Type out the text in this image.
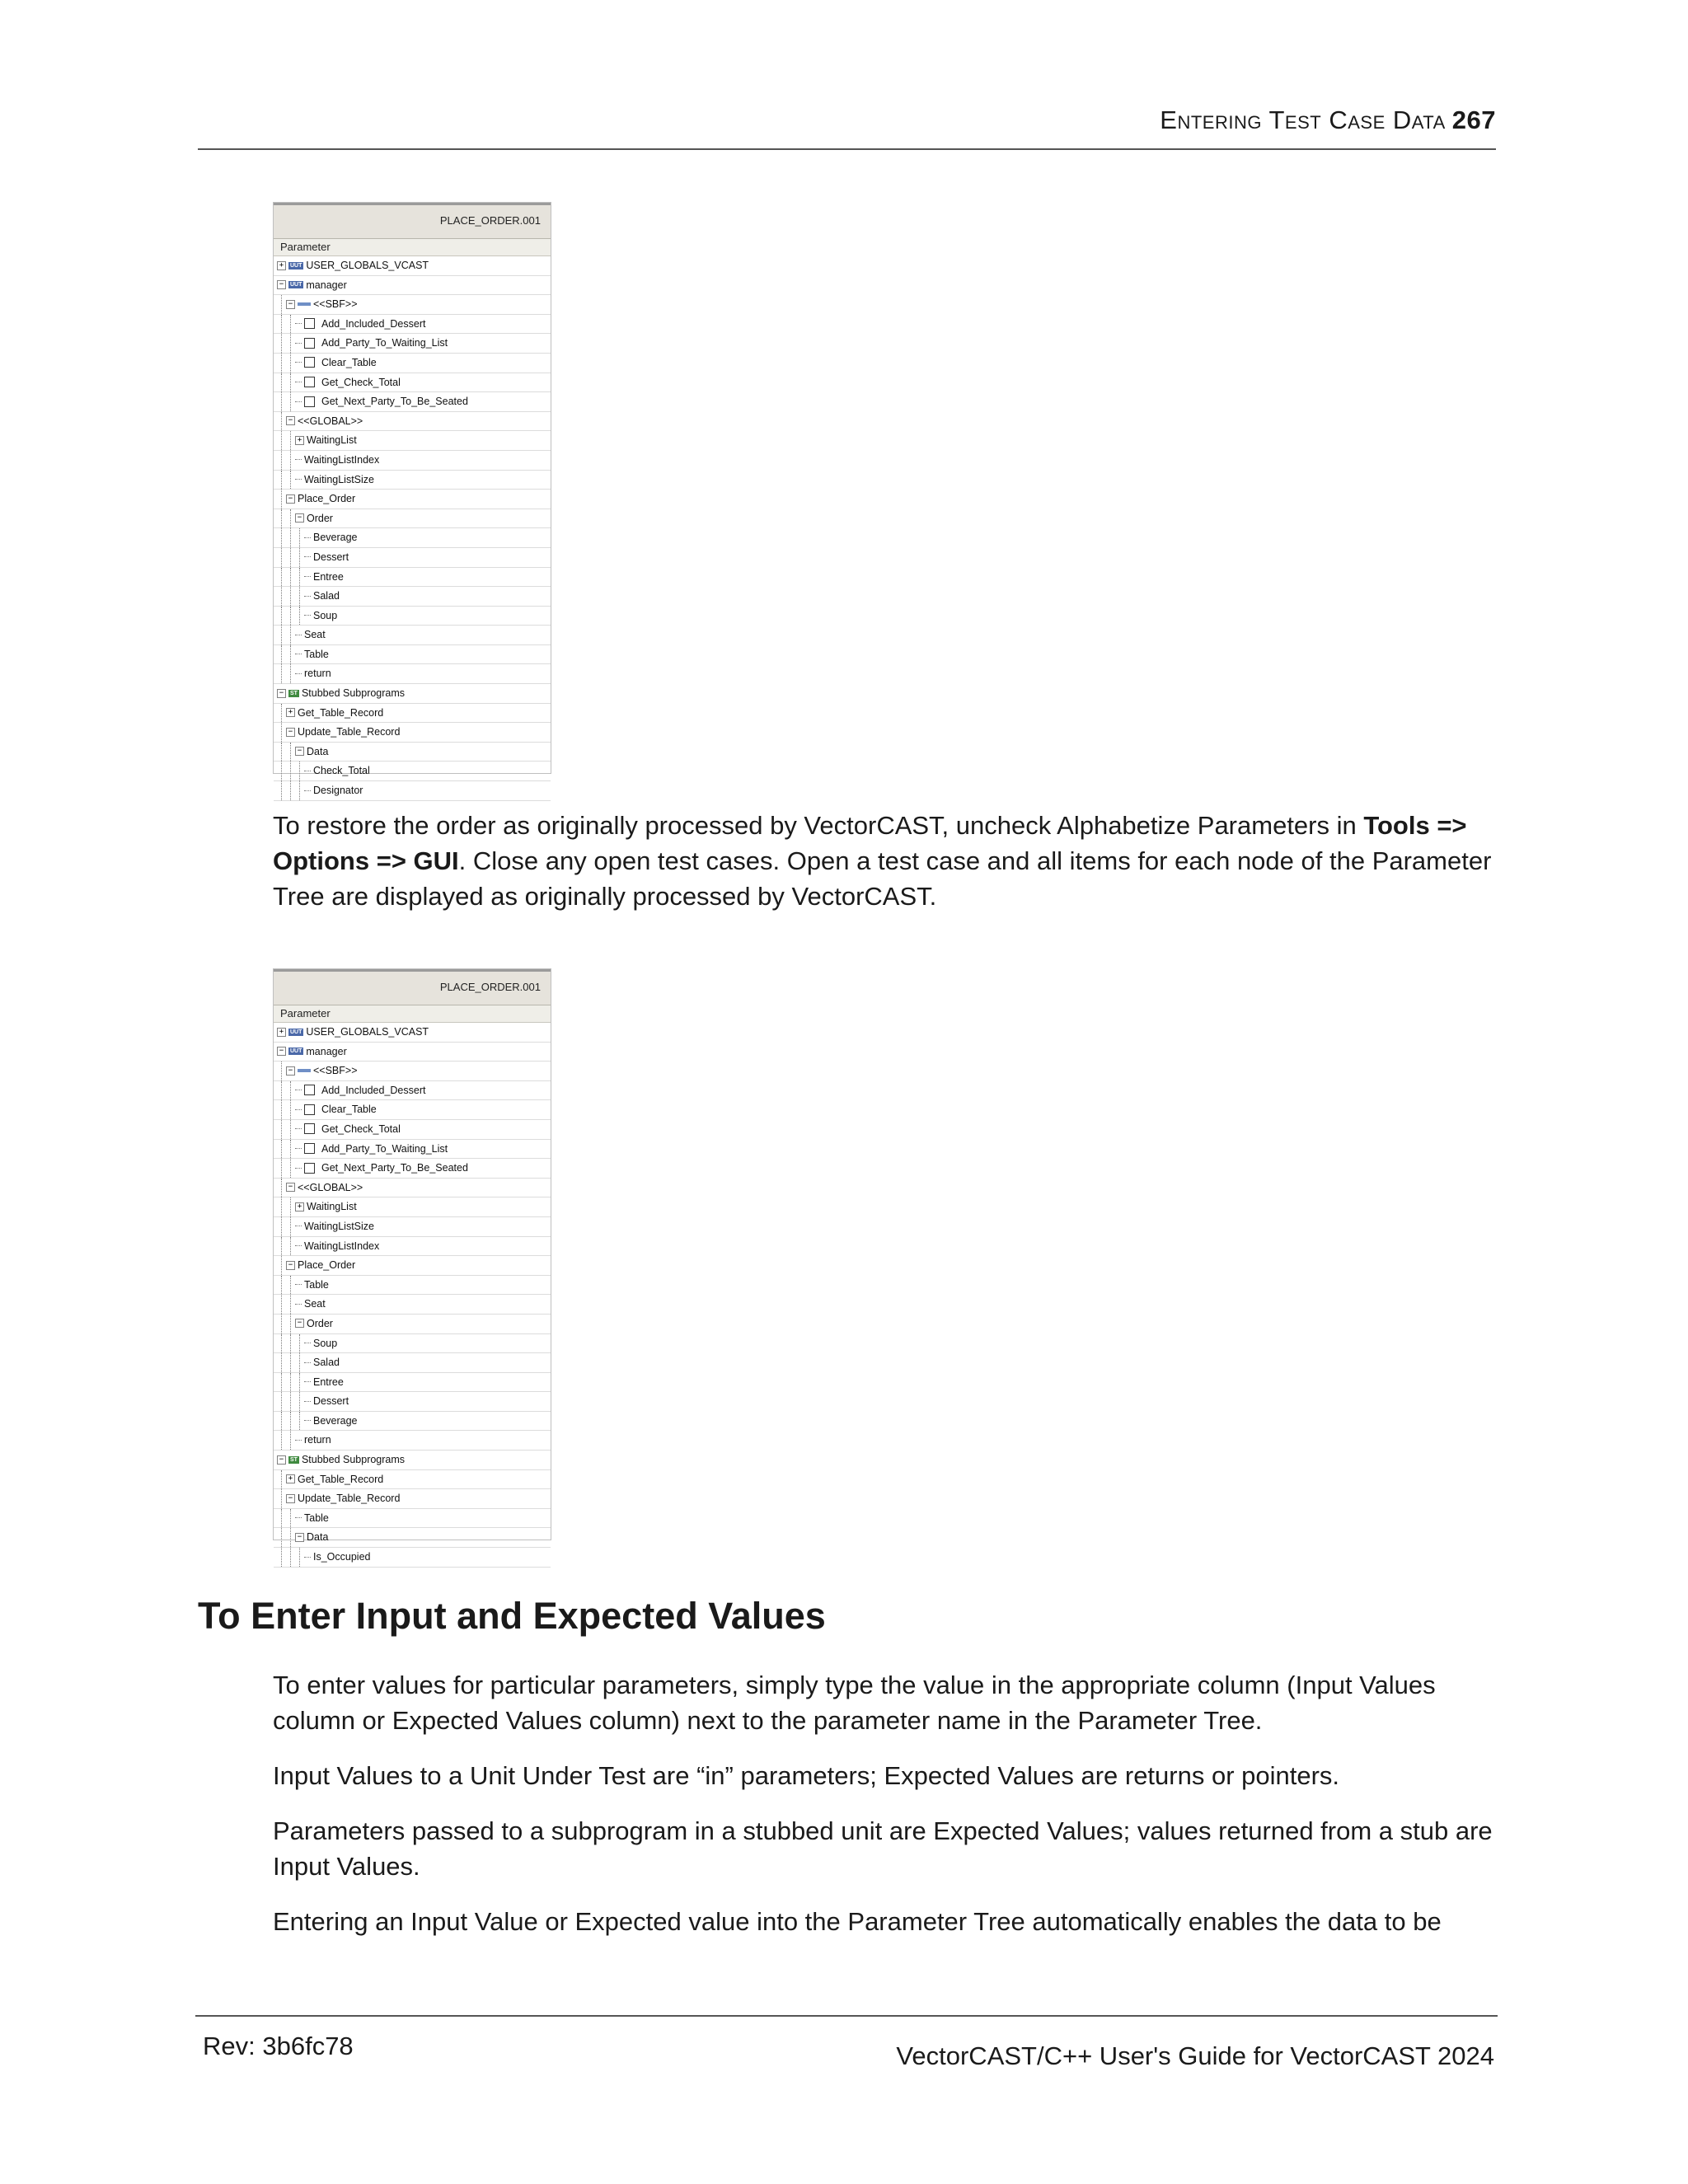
Entering Test Case Data 267
PLACE_ORDER.001
Parameter
+	UUT USER_GLOBALS_VCAST
−	UUT manager
− <<SBF>>
Add_Included_Dessert
Add_Party_To_Waiting_List
Clear_Table
Get_Check_Total
Get_Next_Party_To_Be_Seated
− <<GLOBAL>>
+ WaitingList
WaitingListIndex
WaitingListSize
− Place_Order
− Order
Beverage
Dessert
Entree
Salad
Soup
Seat
Table
return
−	ST Stubbed Subprograms
+ Get_Table_Record
− Update_Table_Record
− Data
Check_Total
Designator

To restore the order as originally processed by VectorCAST, uncheck Alphabetize Parameters in Tools => Options => GUI. Close any open test cases. Open a test case and all items for each node of the Parameter Tree are displayed as originally processed by VectorCAST.

PLACE_ORDER.001
Parameter
+	UUT USER_GLOBALS_VCAST
−	UUT manager
− <<SBF>>
Add_Included_Dessert
Clear_Table
Get_Check_Total
Add_Party_To_Waiting_List
Get_Next_Party_To_Be_Seated
− <<GLOBAL>>
+ WaitingList
WaitingListSize
WaitingListIndex
− Place_Order
Table
Seat
− Order
Soup
Salad
Entree
Dessert
Beverage
return
−	ST Stubbed Subprograms
+ Get_Table_Record
− Update_Table_Record
Table
− Data
Is_Occupied
To Enter Input and Expected Values

To enter values for particular parameters, simply type the value in the appropriate column (Input Values column or Expected Values column) next to the parameter name in the Parameter Tree.

Input Values to a Unit Under Test are “in” parameters; Expected Values are returns or pointers.

Parameters passed to a subprogram in a stubbed unit are Expected Values; values returned from a stub are Input Values.

Entering an Input Value or Expected value into the Parameter Tree automatically enables the data to be

Rev: 3b6fc78	VectorCAST/C++ User's Guide for VectorCAST 2024
